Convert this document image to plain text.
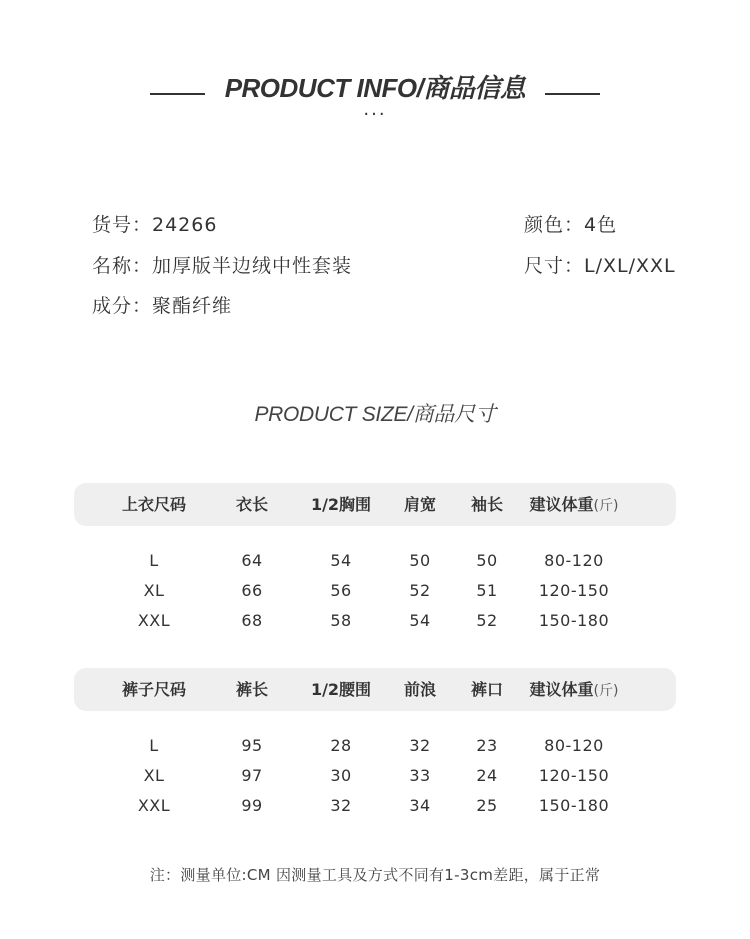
PRODUCT INFO/商品信息
···
货号：24266	颜色：4色
名称：加厚版半边绒中性套装	尺寸：L/XL/XXL
成分：聚酯纤维
PRODUCT SIZE/商品尺寸
上衣尺码	衣长	1/2胸围	肩宽	袖长	建议体重(斤)
L	64	54	50	50	80-120
XL	66	56	52	51	120-150
XXL	68	58	54	52	150-180
裤子尺码	裤长	1/2腰围	前浪	裤口	建议体重(斤)
L	95	28	32	23	80-120
XL	97	30	33	24	120-150
XXL	99	32	34	25	150-180
注：测量单位:CM 因测量工具及方式不同有1-3cm差距，属于正常
